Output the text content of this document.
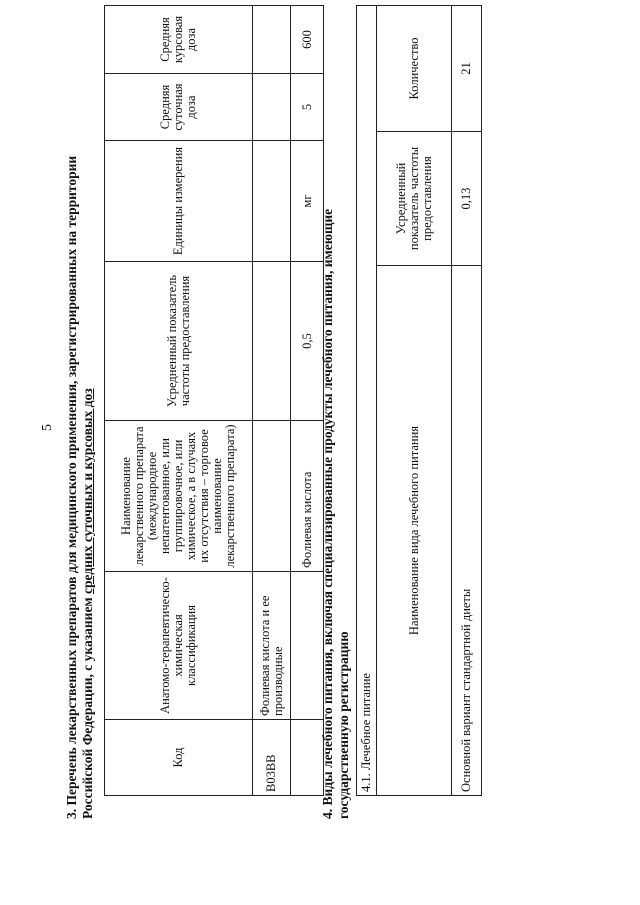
5 3. Перечень лекарственных препаратов для медицинского применения, зарегистрированных на территории Российской Федерации, с указанием средних суточных и курсовых доз
Код	Анатомо-терапевтическо-химическая классификация	Наименование лекарственного препарата (международное непатентованное, или группировочное, или химическое, а в случаях их отсутствия – торговое наименование лекарственного препарата)	Усредненный показатель частоты предоставления	Единицы измерения	Средняя суточная доза	Средняя курсовая доза
B03BB	Фолиевая кислота и ее производные					
		Фолиевая кислота	0,5	мг	5	600
4. Виды лечебного питания, включая специализированные продукты лечебного питания, имеющие государственную регистрацию 4.1. Лечебное питание		
Наименование вида лечебного питания	Усредненный показатель частоты предоставления	Количество
Основной вариант стандартной диеты	0,13	21
